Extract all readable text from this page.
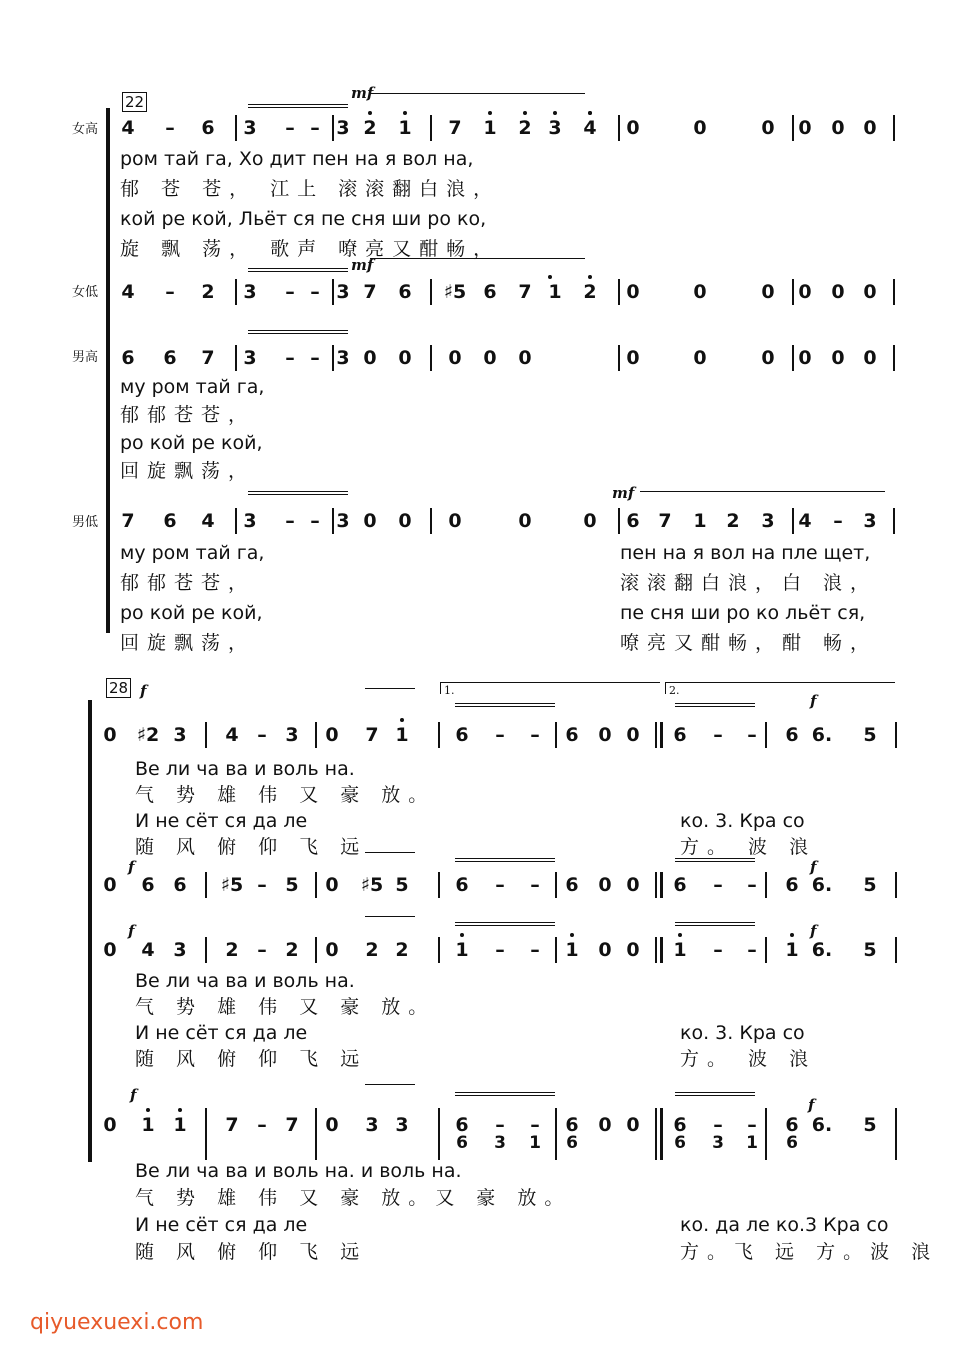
22
28
女高
女低
男高
男低
4 – 6 3 – – 3 2 1 7 1 2 3 4 0	0	0 0 0 0
4 – 2 3 – – 3 7 6 ♯5 6 7 1 2 0	0	0 0 0 0
6 6 7 3 – – 3 0 0 0 0 0	0	0	0 0 0 0
7 6 4 3 – – 3 0 0 0	0	0 6 7 1 2 3 4 – 3
mf
mf
mf
f
f
f
f
f
f
f
f
ром тай га, Хо дит пен на я вол на,
郁 苍 苍， 江上 滚滚翻白浪，
кой ре кой, Льёт ся пе сня ши ро ко,
旋 飘 荡， 歌声 嘹亮又酣畅，
му ром тай га,
郁郁苍苍，
ро кой ре кой,
回旋飘荡，
му ром тай га,
郁郁苍苍，
ро кой ре кой,
回旋飘荡，
пен на я вол на пле щет,
滚滚翻白浪，白 浪，
пе сня ши ро ко льёт ся,
嘹亮又酣畅，酣 畅，
0 ♯2 3 4 – 3 0 7 1 6 – – 6 0 0 6 – – 6 6. 5
0 6 6 ♯5 – 5 0 ♯5 5 6 – – 6 0 0 6 – – 6 6. 5
0 4 3 2 – 2 0 2 2 1 – – 1 0 0 1 – – 1 6. 5
0 1 1 7 – 7 0 3 3 6 – – 6 0 0 6 – – 6 6. 5
6 3 1 6	6 3 1 6
1.	2.
Ве ли ча ва и воль на.
气 势 雄 伟 又 豪 放。
И не сёт ся да ле
随 风 俯 仰 飞 远
ко. 3. Кра со
方。 波 浪
Ве ли ча ва и воль на.
气 势 雄 伟 又 豪 放。
И не сёт ся да ле
随 风 俯 仰 飞 远
ко. 3. Кра со
方。 波 浪
Ве ли ча ва и воль на. и воль на.
气 势 雄 伟 又 豪 放。又 豪 放。
И не сёт ся да ле
随 风 俯 仰 飞 远
ко. да ле ко.3 Кра со
方。飞 远 方。波 浪
qiyuexuexi.com
